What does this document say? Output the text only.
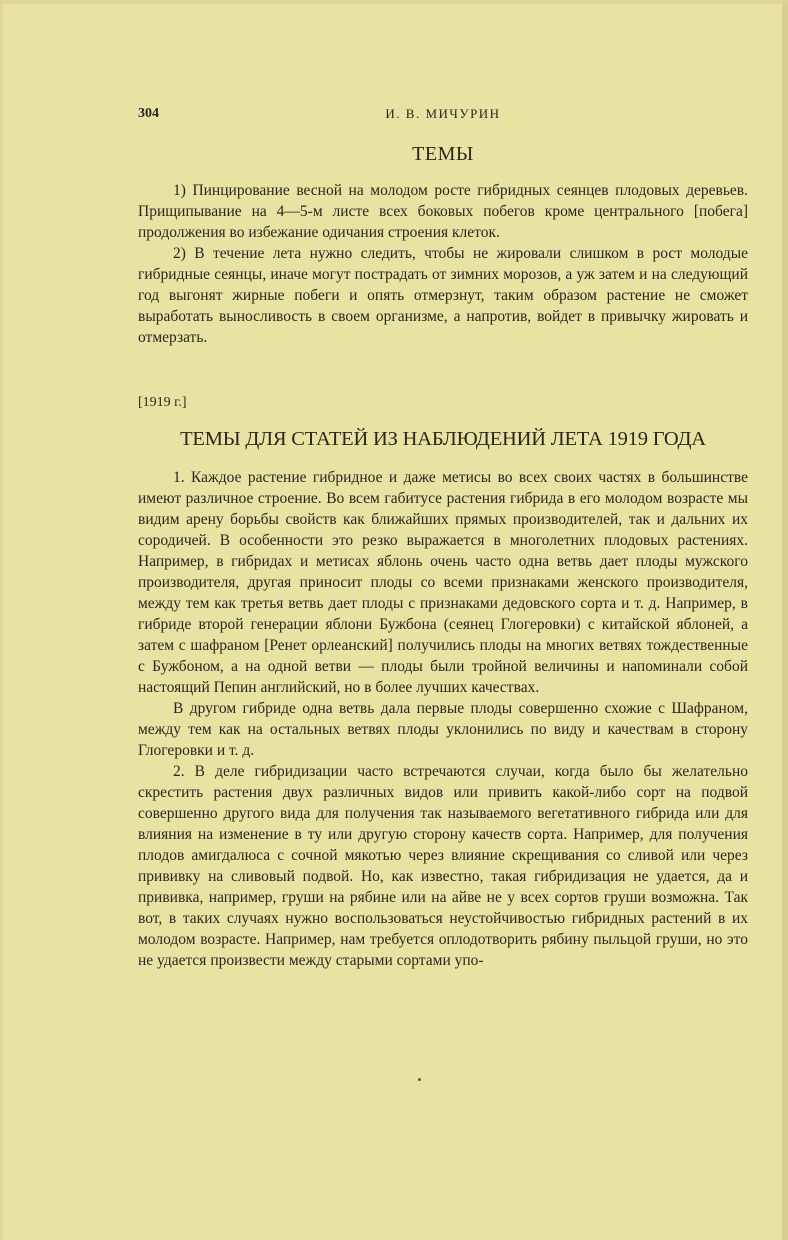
304	И. В. МИЧУРИН
ТЕМЫ

1) Пинцирование весной на молодом росте гибридных сеянцев плодовых деревьев. Прищипывание на 4—5-м листе всех боковых побегов кроме центрального [побега] продолжения во избежание одичания строения клеток.

2) В течение лета нужно следить, чтобы не жировали слишком в рост молодые гибридные сеянцы, иначе могут пострадать от зимних морозов, а уж затем и на следующий год выгонят жирные побеги и опять отмерзнут, таким образом растение не сможет выработать выносливость в своем организме, а напротив, войдет в привычку жировать и отмерзать.

[1919 г.]
ТЕМЫ ДЛЯ СТАТЕЙ ИЗ НАБЛЮДЕНИЙ ЛЕТА 1919 ГОДА

1. Каждое растение гибридное и даже метисы во всех своих частях в большинстве имеют различное строение. Во всем габитусе растения гибрида в его молодом возрасте мы видим арену борьбы свойств как ближайших прямых производителей, так и дальних их сородичей. В особенности это резко выражается в многолетних плодовых растениях. Например, в гибридах и метисах яблонь очень часто одна ветвь дает плоды мужского производителя, другая приносит плоды со всеми признаками женского производителя, между тем как третья ветвь дает плоды с признаками дедовского сорта и т. д. Например, в гибриде второй генерации яблони Бужбона (сеянец Глогеровки) с китайской яблоней, а затем с шафраном [Ренет орлеанский] получились плоды на многих ветвях тождественные с Бужбоном, а на одной ветви — плоды были тройной величины и напоминали собой настоящий Пепин английский, но в более лучших качествах.

В другом гибриде одна ветвь дала первые плоды совершенно схожие с Шафраном, между тем как на остальных ветвях плоды уклонились по виду и качествам в сторону Глогеровки и т. д.

2. В деле гибридизации часто встречаются случаи, когда было бы желательно скрестить растения двух различных видов или привить какой-либо сорт на подвой совершенно другого вида для получения так называемого вегетативного гибрида или для влияния на изменение в ту или другую сторону качеств сорта. Например, для получения плодов амигдалюса с сочной мякотью через влияние скрещивания со сливой или через прививку на сливовый подвой. Но, как известно, такая гибридизация не удается, да и прививка, например, груши на рябине или на айве не у всех сортов груши возможна. Так вот, в таких случаях нужно воспользоваться неустойчивостью гибридных растений в их молодом возрасте. Например, нам требуется оплодотворить рябину пыльцой груши, но это не удается произвести между старыми сортами упо-
